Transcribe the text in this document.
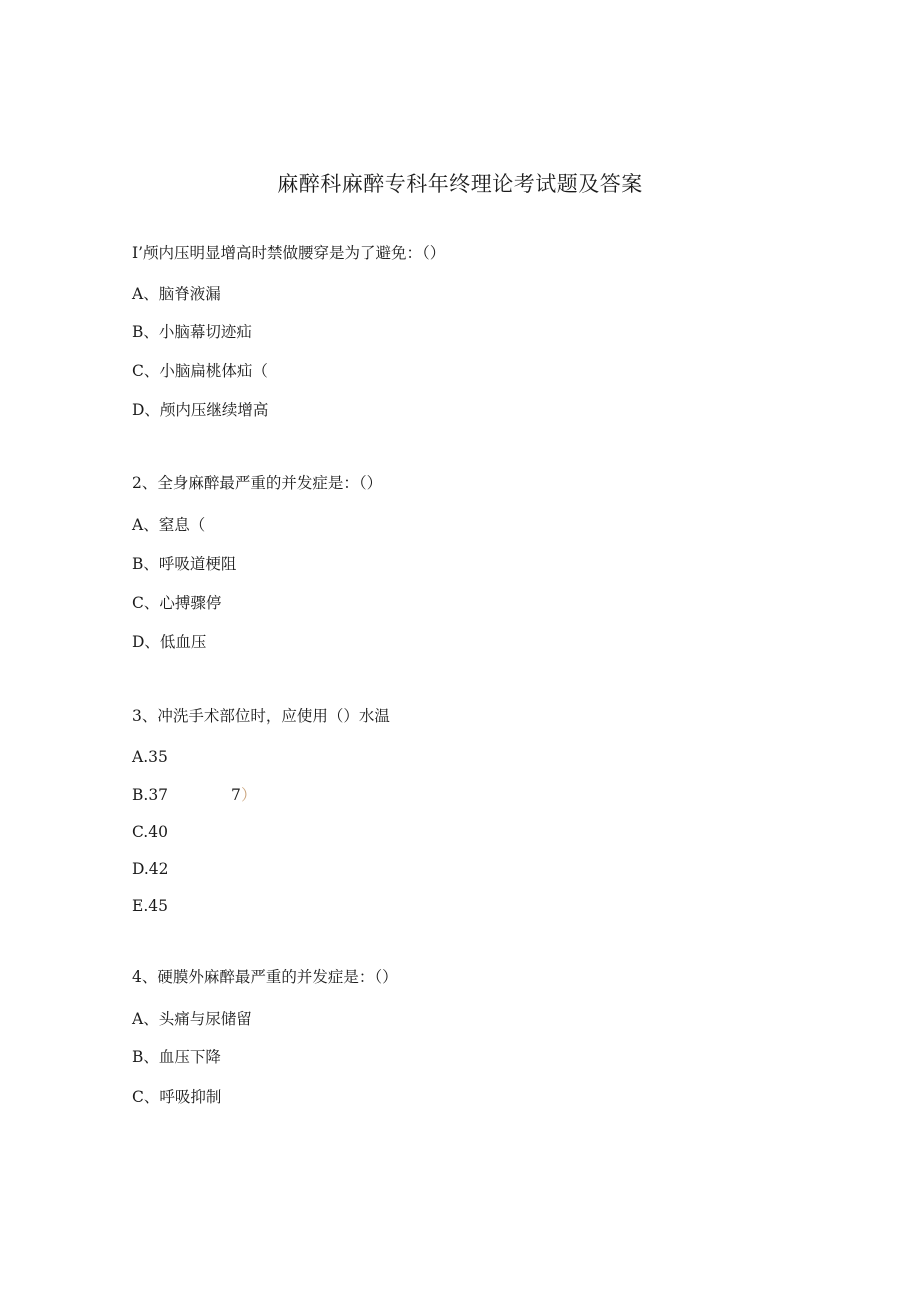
麻醉科麻醉专科年终理论考试题及答案
I’颅内压明显增高时禁做腰穿是为了避免：（）
A、脑脊液漏
B、小脑幕切迹疝
C、小脑扁桃体疝（
D、颅内压继续增高
2、全身麻醉最严重的并发症是：（）
A、窒息（
B、呼吸道梗阻
C、心搏骤停
D、低血压
3、冲洗手术部位时，应使用（）水温
A.35
B.37	7 ）
C.40
D.42
E.45
4、硬膜外麻醉最严重的并发症是：（）
A、头痛与尿储留
B、血压下降
C、呼吸抑制
